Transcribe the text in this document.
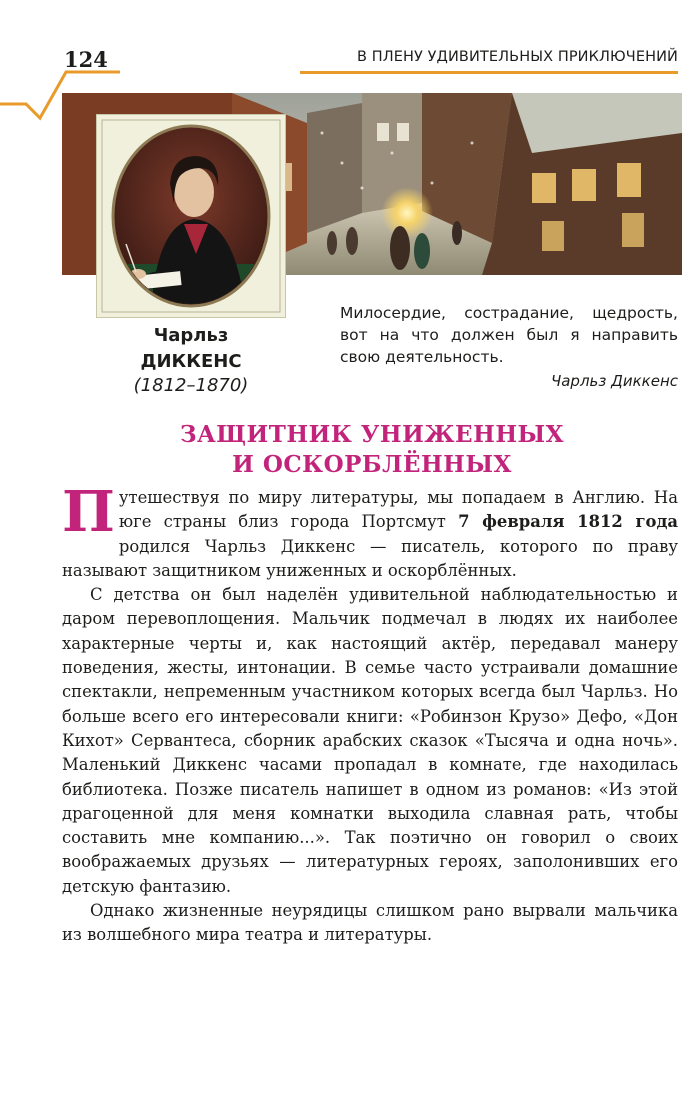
124	В ПЛЕНУ УДИВИТЕЛЬНЫХ ПРИКЛЮЧЕНИЙ
Чарльз
ДИККЕНС
(1812–1870)
Милосердие, сострадание, щедрость, вот на что должен был я направить свою деятельность.
Чарльз Диккенс
ЗАЩИТНИК УНИЖЕННЫХ
И ОСКОРБЛЁННЫХ

Путешествуя по миру литературы, мы попадаем в Англию. На юге страны близ города Портсмут 7 февраля 1812 года родился Чарльз Диккенс — писатель, которого по праву называют защитником униженных и оскорблённых.

С детства он был наделён удивительной наблюдательностью и даром перевоплощения. Мальчик подмечал в людях их наиболее характерные черты и, как настоящий актёр, передавал манеру поведения, жесты, интонации. В семье часто устраивали домашние спектакли, непременным участником которых всегда был Чарльз. Но больше всего его интересовали книги: «Робинзон Крузо» Дефо, «Дон Кихот» Сервантеса, сборник арабских сказок «Тысяча и одна ночь». Маленький Диккенс часами пропадал в комнате, где находилась библиотека. Позже писатель напишет в одном из романов: «Из этой драгоценной для меня комнатки выходила славная рать, чтобы составить мне компанию...». Так поэтично он говорил о своих воображаемых друзьях — литературных героях, заполонивших его детскую фантазию.

Однако жизненные неурядицы слишком рано вырвали мальчика из волшебного мира театра и литературы.
